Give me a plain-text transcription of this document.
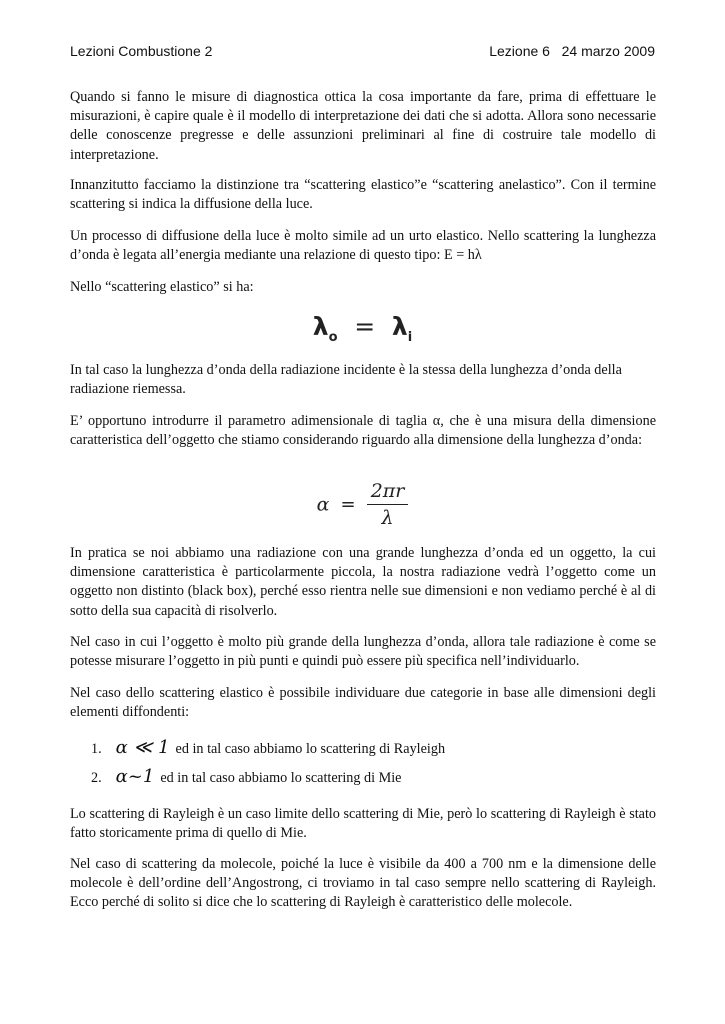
Lezioni Combustione 2	Lezione 6   24 marzo 2009
Quando si fanno le misure di diagnostica ottica la cosa importante da fare, prima di effettuare le misurazioni, è capire quale è il modello di interpretazione dei dati che si adotta. Allora sono necessarie delle conoscenze pregresse e delle assunzioni preliminari al fine di costruire tale modello di interpretazione.
Innanzitutto facciamo la distinzione tra “scattering elastico”e “scattering anelastico”. Con il termine scattering si indica la diffusione della luce.
Un processo di diffusione della luce è molto simile ad un urto elastico. Nello scattering la lunghezza d’onda è legata all’energia mediante una relazione di questo tipo: E = hλ
Nello “scattering elastico” si ha:
$\lambda_o = \lambda_i$
In tal caso la lunghezza d’onda della radiazione incidente è la stessa della lunghezza d’onda della radiazione riemessa.
E’ opportuno introdurre il parametro adimensionale di taglia α, che è una misura della dimensione caratteristica dell’oggetto che stiamo considerando riguardo alla dimensione della lunghezza d’onda:
$\alpha = \frac{2\pi r}{\lambda}$
In pratica se noi abbiamo una radiazione con una grande lunghezza d’onda ed un oggetto, la cui dimensione caratteristica è particolarmente piccola, la nostra radiazione vedrà l’oggetto come un oggetto non distinto (black box), perché esso rientra nelle sue dimensioni e non vediamo perché è al di sotto della sua capacità di risolverlo.
Nel caso in cui l’oggetto è molto più grande della lunghezza d’onda, allora tale radiazione è come se potesse misurare l’oggetto in più punti e quindi può essere più specifica nell’individuarlo.
Nel caso dello scattering elastico è possibile individuare due categorie in base alle dimensioni degli elementi diffondenti:
1. α ≪ 1 ed in tal caso abbiamo lo scattering di Rayleigh
2. α~1 ed in tal caso abbiamo lo scattering di Mie
Lo scattering di Rayleigh è un caso limite dello scattering di Mie, però lo scattering di Rayleigh è stato fatto storicamente prima di quello di Mie.
Nel caso di scattering da molecole, poiché la luce è visibile da 400 a 700 nm e la dimensione delle molecole è dell’ordine dell’Angostrong, ci troviamo in tal caso sempre nello scattering di Rayleigh. Ecco perché di solito si dice che lo scattering di Rayleigh è caratteristico delle molecole.
